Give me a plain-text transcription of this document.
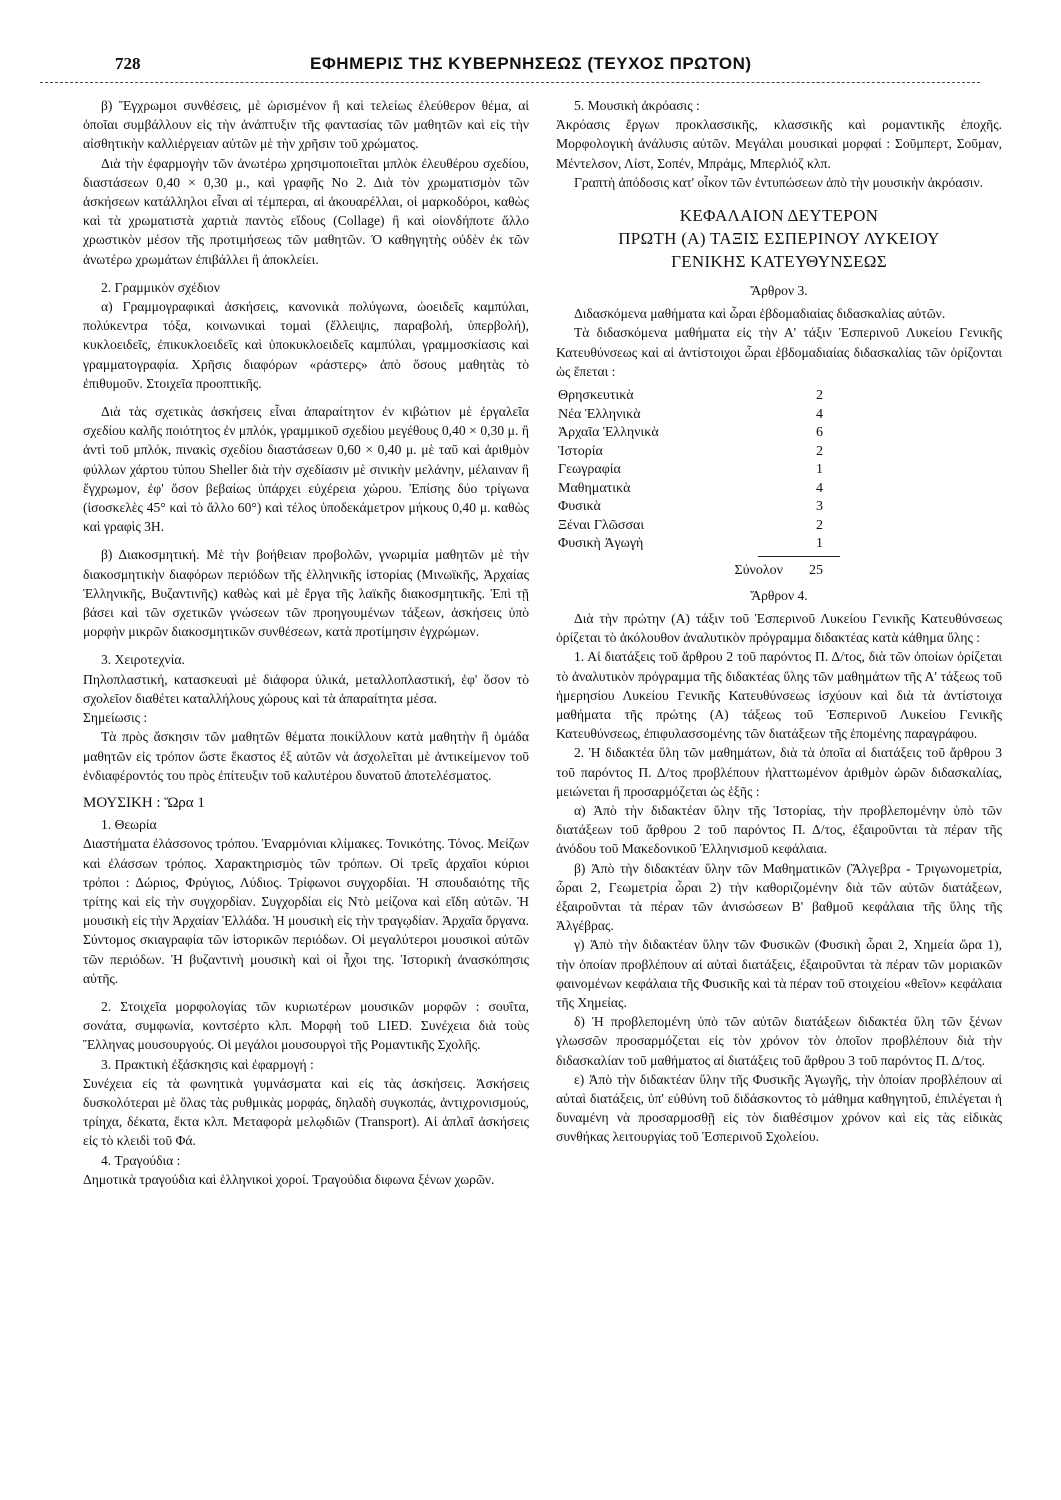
728	ΕΦΗΜΕΡΙΣ ΤΗΣ ΚΥΒΕΡΝΗΣΕΩΣ (ΤΕΥΧΟΣ ΠΡΩΤΟΝ)

β) Ἔγχρωμοι συνθέσεις, μὲ ὡρισμένον ἢ καὶ τελείως ἐλεύθερον θέμα, αἱ ὁποῖαι συμβάλλουν εἰς τὴν ἀνάπτυξιν τῆς φαντασίας τῶν μαθητῶν καὶ εἰς τὴν αἰσθητικὴν καλλιέργειαν αὐτῶν μὲ τὴν χρῆσιν τοῦ χρώματος.

Διὰ τὴν ἐφαρμογὴν τῶν ἀνωτέρω χρησιμοποιεῖται μπλὸκ ἐλευθέρου σχεδίου, διαστάσεων 0,40 × 0,30 μ., καὶ γραφῆς Νο 2. Διὰ τὸν χρωματισμὸν τῶν ἀσκήσεων κατάλληλοι εἶναι αἱ τέμπεραι, αἱ ἀκουαρέλλαι, οἱ μαρκοδόροι, καθὼς καὶ τὰ χρωματιστὰ χαρτιὰ παντὸς εἴδους (Collage) ἢ καὶ οἱονδήποτε ἄλλο χρωστικὸν μέσον τῆς προτιμήσεως τῶν μαθητῶν. Ὁ καθηγητὴς οὐδὲν ἐκ τῶν ἀνωτέρω χρωμάτων ἐπιβάλλει ἢ ἀποκλείει.

2. Γραμμικὸν σχέδιον

α) Γραμμογραφικαὶ ἀσκήσεις, κανονικὰ πολύγωνα, ὠοειδεῖς καμπύλαι, πολύκεντρα τόξα, κοινωνικαὶ τομαὶ (ἔλλειψις, παραβολή, ὑπερβολή), κυκλοειδεῖς, ἐπικυκλοειδεῖς καὶ ὑποκυκλοειδεῖς καμπύλαι, γραμμοσκίασις καὶ γραμματογραφία. Χρῆσις διαφόρων «ράστερς» ἀπὸ ὅσους μαθητὰς τὸ ἐπιθυμοῦν. Στοιχεῖα προοπτικῆς.

Διὰ τὰς σχετικὰς ἀσκήσεις εἶναι ἀπαραίτητον ἐν κιβώτιον μὲ ἐργαλεῖα σχεδίου καλῆς ποιότητος ἐν μπλόκ, γραμμικοῦ σχεδίου μεγέθους 0,40 × 0,30 μ. ἢ ἀντὶ τοῦ μπλόκ, πινακὶς σχεδίου διαστάσεων 0,60 × 0,40 μ. μὲ ταῦ καὶ ἀριθμὸν φύλλων χάρτου τύπου Sheller διὰ τὴν σχεδίασιν μὲ σινικὴν μελάνην, μέλαιναν ἢ ἔγχρωμον, ἐφ' ὅσον βεβαίως ὑπάρχει εὐχέρεια χώρου. Ἐπίσης δύο τρίγωνα (ἰσοσκελὲς 45° καὶ τὸ ἄλλο 60°) καὶ τέλος ὑποδεκάμετρον μήκους 0,40 μ. καθὼς καὶ γραφὶς 3Η.

β) Διακοσμητική. Μὲ τὴν βοήθειαν προβολῶν, γνωριμία μαθητῶν μὲ τὴν διακοσμητικὴν διαφόρων περιόδων τῆς ἑλληνικῆς ἱστορίας (Μινωϊκῆς, Ἀρχαίας Ἑλληνικῆς, Βυζαντινῆς) καθὼς καὶ μὲ ἔργα τῆς λαϊκῆς διακοσμητικῆς. Ἐπὶ τῇ βάσει καὶ τῶν σχετικῶν γνώσεων τῶν προηγουμένων τάξεων, ἀσκήσεις ὑπὸ μορφὴν μικρῶν διακοσμητικῶν συνθέσεων, κατὰ προτίμησιν ἐγχρώμων.

3. Χειροτεχνία.

Πηλοπλαστική, κατασκευαὶ μὲ διάφορα ὑλικά, μεταλλοπλαστική, ἐφ' ὅσον τὸ σχολεῖον διαθέτει καταλλήλους χώρους καὶ τὰ ἀπαραίτητα μέσα.

Σημείωσις :

Τὰ πρὸς ἄσκησιν τῶν μαθητῶν θέματα ποικίλλουν κατὰ μαθητὴν ἢ ὁμάδα μαθητῶν εἰς τρόπον ὥστε ἕκαστος ἐξ αὐτῶν νὰ ἀσχολεῖται μὲ ἀντικείμενον τοῦ ἐνδιαφέροντός του πρὸς ἐπίτευξιν τοῦ καλυτέρου δυνατοῦ ἀποτελέσματος.

ΜΟΥΣΙΚΗ : Ὥρα 1

1. Θεωρία

Διαστήματα ἐλάσσονος τρόπου. Ἐναρμόνιαι κλίμακες. Τονικότης. Τόνος. Μείζων καὶ ἐλάσσων τρόπος. Χαρακτηρισμὸς τῶν τρόπων. Οἱ τρεῖς ἀρχαῖοι κύριοι τρόποι : Δώριος, Φρύγιος, Λύδιος. Τρίφωνοι συγχορδίαι. Ἡ σπουδαιότης τῆς τρίτης καὶ εἰς τὴν συγχορδίαν. Συγχορδίαι εἰς Ντὸ μείζονα καὶ εἴδη αὐτῶν. Ἡ μουσικὴ εἰς τὴν Ἀρχαίαν Ἑλλάδα. Ἡ μουσικὴ εἰς τὴν τραγῳδίαν. Ἀρχαῖα ὄργανα. Σύντομος σκιαγραφία τῶν ἱστορικῶν περιόδων. Οἱ μεγαλύτεροι μουσικοὶ αὐτῶν τῶν περιόδων. Ἡ βυζαντινὴ μουσικὴ καὶ οἱ ἦχοι της. Ἱστορικὴ ἀνασκόπησις αὐτῆς.

2. Στοιχεῖα μορφολογίας τῶν κυριωτέρων μουσικῶν μορφῶν : σουΐτα, σονάτα, συμφωνία, κοντσέρτο κλπ. Μορφὴ τοῦ LIED. Συνέχεια διὰ τοὺς Ἕλληνας μουσουργούς. Οἱ μεγάλοι μουσουργοὶ τῆς Ρομαντικῆς Σχολῆς.

3. Πρακτικὴ ἐξάσκησις καὶ ἐφαρμογή :

Συνέχεια εἰς τὰ φωνητικὰ γυμνάσματα καὶ εἰς τὰς ἀσκήσεις. Ἀσκήσεις δυσκολότεραι μὲ ὅλας τὰς ρυθμικὰς μορφάς, δηλαδὴ συγκοπάς, ἀντιχρονισμούς, τρίηχα, δέκατα, ἕκτα κλπ. Μεταφορὰ μελῳδιῶν (Transport). Αἱ ἁπλαῖ ἀσκήσεις εἰς τὸ κλειδὶ τοῦ Φά.

4. Τραγούδια :

Δημοτικὰ τραγούδια καὶ ἑλληνικοὶ χοροί. Τραγούδια διφωνα ξένων χωρῶν.

5. Μουσικὴ ἀκρόασις :

Ἀκρόασις ἔργων προκλασσικῆς, κλασσικῆς καὶ ρομαντικῆς ἐποχῆς. Μορφολογικὴ ἀνάλυσις αὐτῶν. Μεγάλαι μουσικαὶ μορφαί : Σοῦμπερτ, Σοῦμαν, Μέντελσον, Λίστ, Σοπέν, Μπράμς, Μπερλιόζ κλπ.

Γραπτὴ ἀπόδοσις κατ' οἶκον τῶν ἐντυπώσεων ἀπὸ τὴν μουσικὴν ἀκρόασιν.

ΚΕΦΑΛΑΙΟΝ ΔΕΥΤΕΡΟΝ
ΠΡΩΤΗ (Α) ΤΑΞΙΣ ΕΣΠΕΡΙΝΟΥ ΛΥΚΕΙΟΥ
ΓΕΝΙΚΗΣ ΚΑΤΕΥΘΥΝΣΕΩΣ
Ἄρθρον 3.

Διδασκόμενα μαθήματα καὶ ὧραι ἑβδομαδιαίας διδασκαλίας αὐτῶν.

Τὰ διδασκόμενα μαθήματα εἰς τὴν Α' τάξιν Ἑσπερινοῦ Λυκείου Γενικῆς Κατευθύνσεως καὶ αἱ ἀντίστοιχοι ὧραι ἑβδομαδιαίας διδασκαλίας τῶν ὁρίζονται ὡς ἕπεται :

Θρησκευτικὰ	2
Νέα Ἑλληνικὰ	4
Ἀρχαῖα Ἑλληνικὰ	6
Ἱστορία	2
Γεωγραφία	1
Μαθηματικὰ	4
Φυσικὰ	3
Ξέναι Γλῶσσαι	2
Φυσικὴ Ἀγωγὴ	1
Σύνολον	25
Ἄρθρον 4.

Διὰ τὴν πρώτην (Α) τάξιν τοῦ Ἑσπερινοῦ Λυκείου Γενικῆς Κατευθύνσεως ὁρίζεται τὸ ἀκόλουθον ἀναλυτικὸν πρόγραμμα διδακτέας κατὰ κάθημα ὕλης :

1. Αἱ διατάξεις τοῦ ἄρθρου 2 τοῦ παρόντος Π. Δ/τος, διὰ τῶν ὁποίων ὁρίζεται τὸ ἀναλυτικὸν πρόγραμμα τῆς διδακτέας ὕλης τῶν μαθημάτων τῆς Α' τάξεως τοῦ ἡμερησίου Λυκείου Γενικῆς Κατευθύνσεως ἰσχύουν καὶ διὰ τὰ ἀντίστοιχα μαθήματα τῆς πρώτης (Α) τάξεως τοῦ Ἑσπερινοῦ Λυκείου Γενικῆς Κατευθύνσεως, ἐπιφυλασσομένης τῶν διατάξεων τῆς ἑπομένης παραγράφου.

2. Ἡ διδακτέα ὕλη τῶν μαθημάτων, διὰ τὰ ὁποῖα αἱ διατάξεις τοῦ ἄρθρου 3 τοῦ παρόντος Π. Δ/τος προβλέπουν ἠλαττωμένον ἀριθμὸν ὡρῶν διδασκαλίας, μειώνεται ἢ προσαρμόζεται ὡς ἑξῆς :

α) Ἀπὸ τὴν διδακτέαν ὕλην τῆς Ἱστορίας, τὴν προβλεπομένην ὑπὸ τῶν διατάξεων τοῦ ἄρθρου 2 τοῦ παρόντος Π. Δ/τος, ἐξαιροῦνται τὰ πέραν τῆς ἀνόδου τοῦ Μακεδονικοῦ Ἑλληνισμοῦ κεφάλαια.

β) Ἀπὸ τὴν διδακτέαν ὕλην τῶν Μαθηματικῶν (Ἄλγεβρα - Τριγωνομετρία, ὧραι 2, Γεωμετρία ὧραι 2) τὴν καθοριζομένην διὰ τῶν αὐτῶν διατάξεων, ἐξαιροῦνται τὰ πέραν τῶν ἀνισώσεων Β' βαθμοῦ κεφάλαια τῆς ὕλης τῆς Ἀλγέβρας.

γ) Ἀπὸ τὴν διδακτέαν ὕλην τῶν Φυσικῶν (Φυσικὴ ὧραι 2, Χημεία ὥρα 1), τὴν ὁποίαν προβλέπουν αἱ αὐταὶ διατάξεις, ἐξαιροῦνται τὰ πέραν τῶν μοριακῶν φαινομένων κεφάλαια τῆς Φυσικῆς καὶ τὰ πέραν τοῦ στοιχείου «θεῖον» κεφάλαια τῆς Χημείας.

δ) Ἡ προβλεπομένη ὑπὸ τῶν αὐτῶν διατάξεων διδακτέα ὕλη τῶν ξένων γλωσσῶν προσαρμόζεται εἰς τὸν χρόνον τὸν ὁποῖον προβλέπουν διὰ τὴν διδασκαλίαν τοῦ μαθήματος αἱ διατάξεις τοῦ ἄρθρου 3 τοῦ παρόντος Π. Δ/τος.

ε) Ἀπὸ τὴν διδακτέαν ὕλην τῆς Φυσικῆς Ἀγωγῆς, τὴν ὁποίαν προβλέπουν αἱ αὐταὶ διατάξεις, ὑπ' εὐθύνη τοῦ διδάσκοντος τὸ μάθημα καθηγητοῦ, ἐπιλέγεται ἡ δυναμένη νὰ προσαρμοσθῇ εἰς τὸν διαθέσιμον χρόνον καὶ εἰς τὰς εἰδικὰς συνθήκας λειτουργίας τοῦ Ἑσπερινοῦ Σχολείου.
